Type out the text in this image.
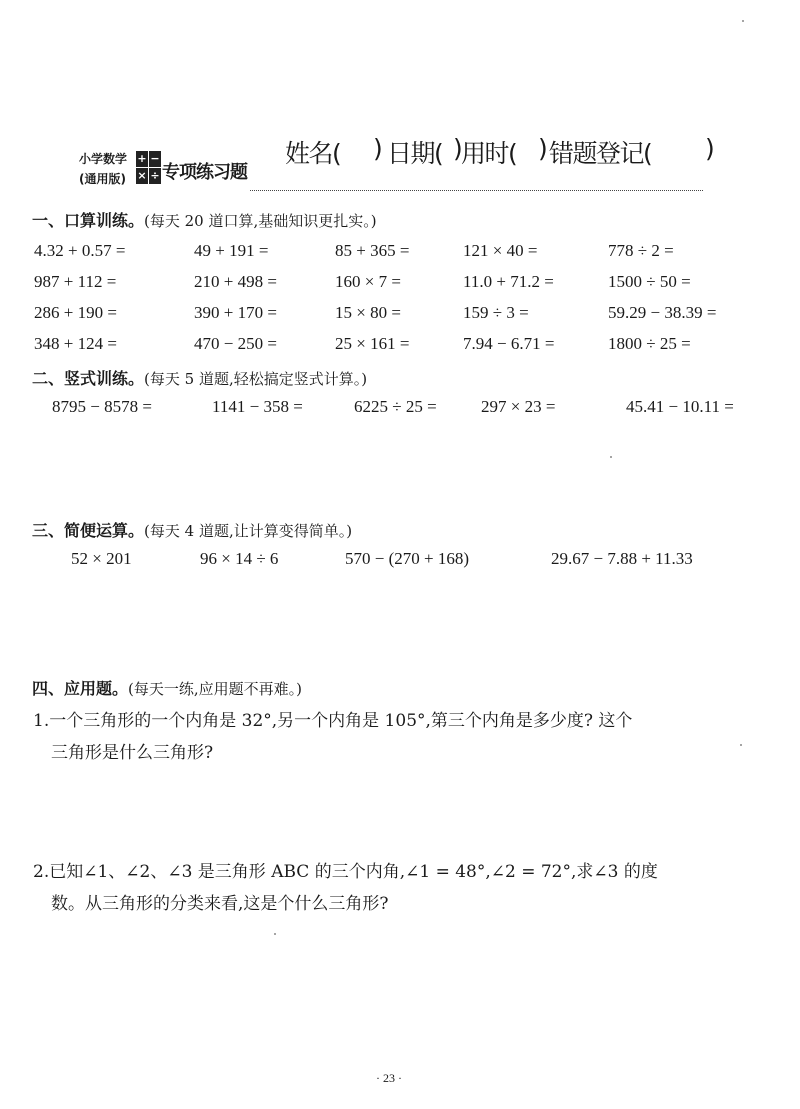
小学数学
(通用版)
+ −
× ÷ 专项练习题
姓名( ) 日期( ) 用时( ) 错题登记( )
一、口算训练。(每天 20 道口算,基础知识更扎实。)
4.32 + 0.57 =	49 + 191 =	85 + 365 =	121 × 40 =	778 ÷ 2 =
987 + 112 =	210 + 498 =	160 × 7 =	11.0 + 71.2 =	1500 ÷ 50 =
286 + 190 =	390 + 170 =	15 × 80 =	159 ÷ 3 =	59.29 − 38.39 =
348 + 124 =	470 − 250 =	25 × 161 =	7.94 − 6.71 =	1800 ÷ 25 =
二、竖式训练。(每天 5 道题,轻松搞定竖式计算。)
8795 − 8578 =	1141 − 358 =	6225 ÷ 25 =	297 × 23 =	45.41 − 10.11 =
三、简便运算。(每天 4 道题,让计算变得简单。)
52 × 201	96 × 14 ÷ 6	570 − (270 + 168)	29.67 − 7.88 + 11.33
四、应用题。(每天一练,应用题不再难。)
1.一个三角形的一个内角是 32°,另一个内角是 105°,第三个内角是多少度? 这个
三角形是什么三角形?
2.已知∠1、∠2、∠3 是三角形 ABC 的三个内角,∠1 = 48°,∠2 = 72°,求∠3 的度
数。从三角形的分类来看,这是个什么三角形?
· 23 ·
